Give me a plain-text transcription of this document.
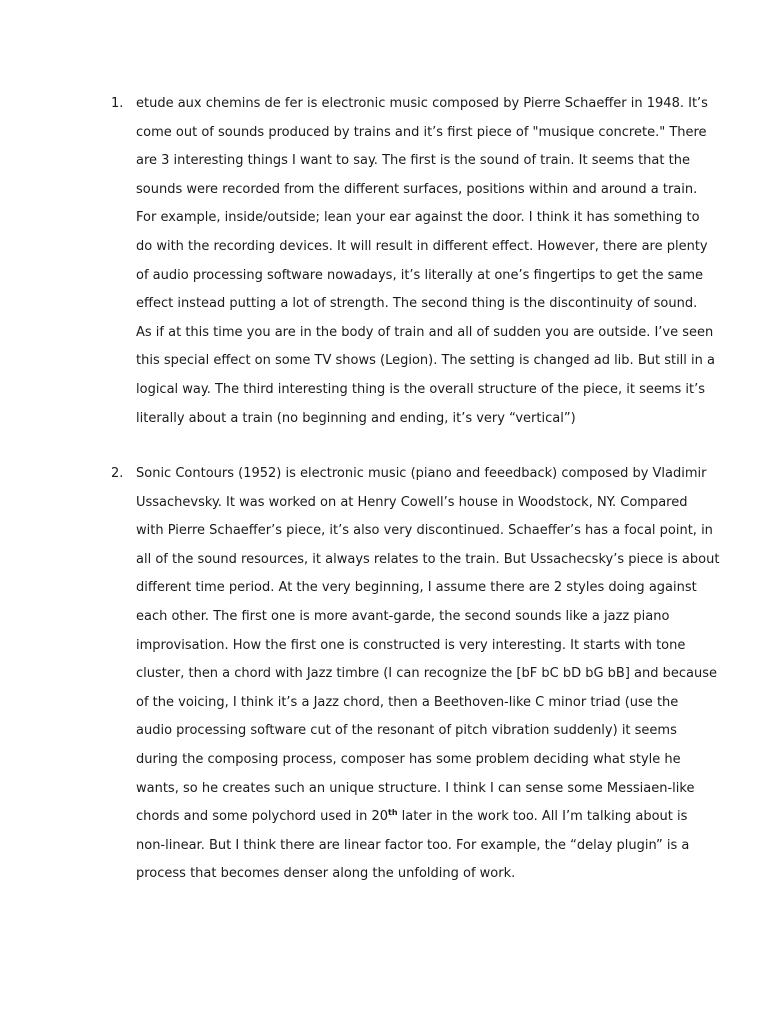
1. etude aux chemins de fer is electronic music composed by Pierre Schaeffer in 1948. It’s
come out of sounds produced by trains and it’s first piece of "musique concrete." There
are 3 interesting things I want to say. The first is the sound of train. It seems that the
sounds were recorded from the different surfaces, positions within and around a train.
For example, inside/outside; lean your ear against the door. I think it has something to
do with the recording devices. It will result in different effect. However, there are plenty
of audio processing software nowadays, it’s literally at one’s fingertips to get the same
effect instead putting a lot of strength. The second thing is the discontinuity of sound.
As if at this time you are in the body of train and all of sudden you are outside. I’ve seen
this special effect on some TV shows (Legion). The setting is changed ad lib. But still in a
logical way. The third interesting thing is the overall structure of the piece, it seems it’s
literally about a train (no beginning and ending, it’s very “vertical”)
2. Sonic Contours (1952) is electronic music (piano and feeedback) composed by Vladimir
Ussachevsky. It was worked on at Henry Cowell’s house in Woodstock, NY. Compared
with Pierre Schaeffer’s piece, it’s also very discontinued. Schaeffer’s has a focal point, in
all of the sound resources, it always relates to the train. But Ussachecsky’s piece is about
different time period. At the very beginning, I assume there are 2 styles doing against
each other. The first one is more avant-garde, the second sounds like a jazz piano
improvisation. How the first one is constructed is very interesting. It starts with tone
cluster, then a chord with Jazz timbre (I can recognize the [bF bC bD bG bB] and because
of the voicing, I think it’s a Jazz chord, then a Beethoven-like C minor triad (use the
audio processing software cut of the resonant of pitch vibration suddenly) it seems
during the composing process, composer has some problem deciding what style he
wants, so he creates such an unique structure. I think I can sense some Messiaen-like
chords and some polychord used in 20th later in the work too. All I’m talking about is
non-linear. But I think there are linear factor too. For example, the “delay plugin” is a
process that becomes denser along the unfolding of work.
